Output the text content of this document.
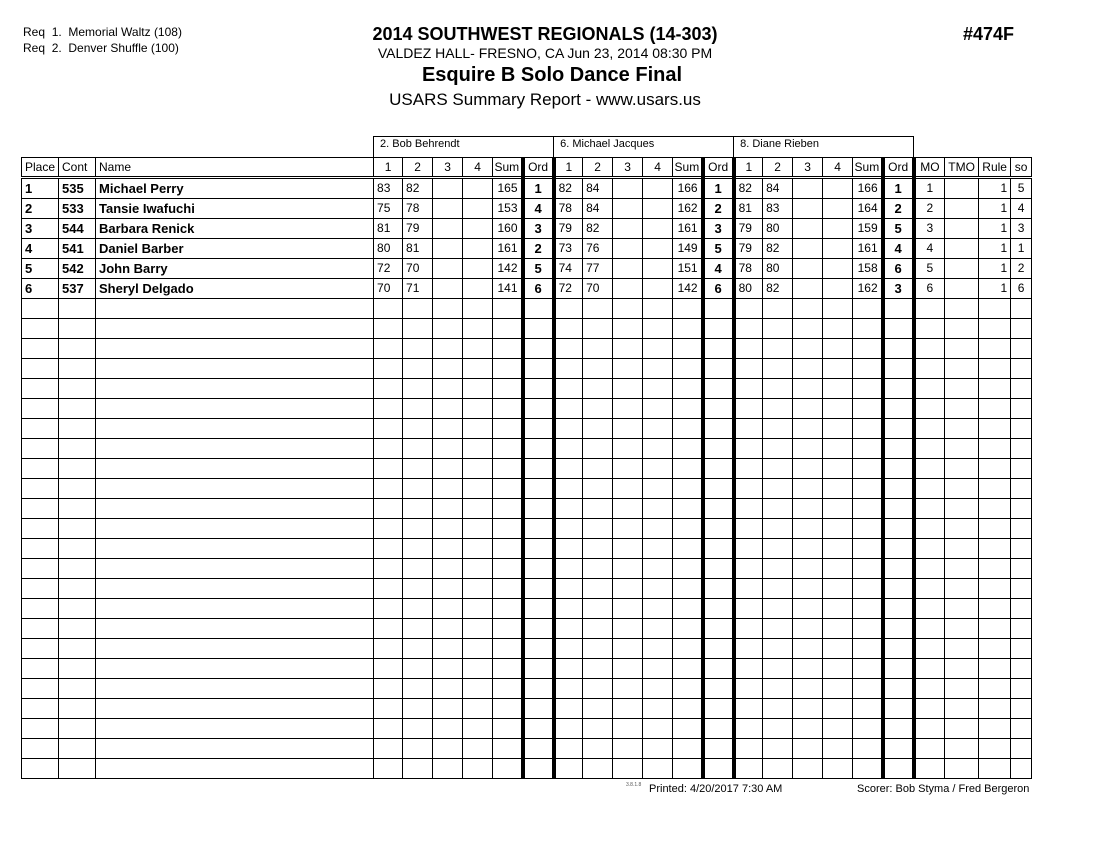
Req 1. Memorial Waltz (108)
Req 2. Denver Shuffle (100)
2014 SOUTHWEST REGIONALS (14-303)
VALDEZ HALL- FRESNO, CA Jun 23, 2014 08:30 PM
Esquire B Solo Dance Final
USARS Summary Report - www.usars.us
#474F
			2. Bob Behrendt						6. Michael Jacques						8. Diane Rieben									
Place	Cont	Name	1	2	3	4	Sum	Ord	1	2	3	4	Sum	Ord	1	2	3	4	Sum	Ord	MO	TMO	Rule	so
1	535	Michael Perry	83	82			165	1	82	84			166	1	82	84			166	1	1		1	5
2	533	Tansie Iwafuchi	75	78			153	4	78	84			162	2	81	83			164	2	2		1	4
3	544	Barbara Renick	81	79			160	3	79	82			161	3	79	80			159	5	3		1	3
4	541	Daniel Barber	80	81			161	2	73	76			149	5	79	82			161	4	4		1	1
5	542	John Barry	72	70			142	5	74	77			151	4	78	80			158	6	5		1	2
6	537	Sheryl Delgado	70	71			141	6	72	70			142	6	80	82			162	3	6		1	6

3.8.1.8 Printed: 4/20/2017 7:30 AM	Scorer: Bob Styma / Fred Bergeron
